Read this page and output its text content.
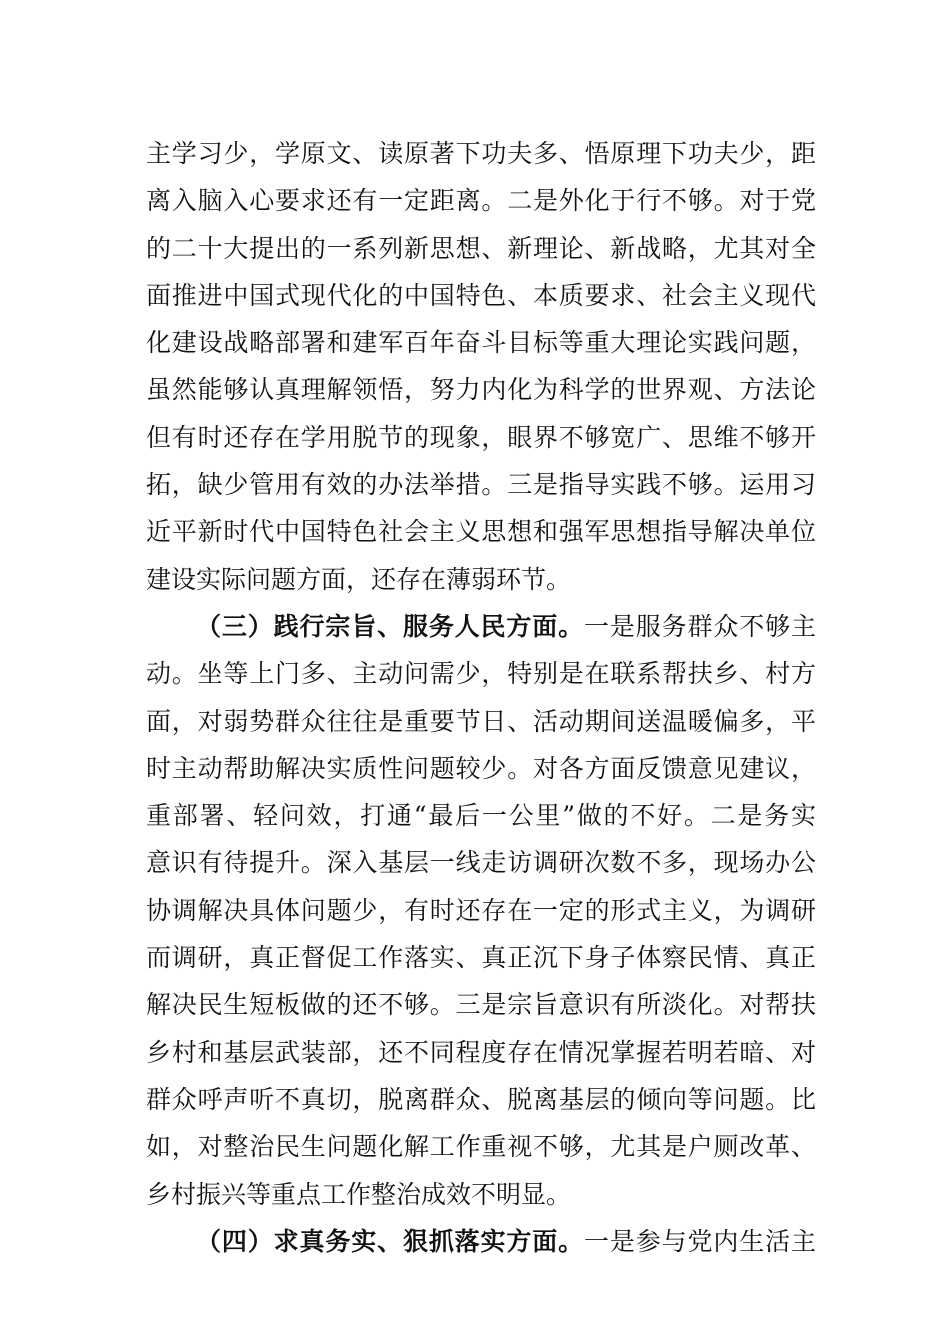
主学习少，学原文、读原著下功夫多、悟原理下功夫少，距
离入脑入心要求还有一定距离。二是外化于行不够。对于党
的二十大提出的一系列新思想、新理论、新战略，尤其对全
面推进中国式现代化的中国特色、本质要求、社会主义现代
化建设战略部署和建军百年奋斗目标等重大理论实践问题，
虽然能够认真理解领悟，努力内化为科学的世界观、方法论
但有时还存在学用脱节的现象，眼界不够宽广、思维不够开
拓，缺少管用有效的办法举措。三是指导实践不够。运用习
近平新时代中国特色社会主义思想和强军思想指导解决单位
建设实际问题方面，还存在薄弱环节。
（三）践行宗旨、服务人民方面。一是服务群众不够主
动。坐等上门多、主动问需少，特别是在联系帮扶乡、村方
面，对弱势群众往往是重要节日、活动期间送温暖偏多，平
时主动帮助解决实质性问题较少。对各方面反馈意见建议，
重部署、轻问效，打通“最后一公里”做的不好。二是务实
意识有待提升。深入基层一线走访调研次数不多，现场办公
协调解决具体问题少，有时还存在一定的形式主义，为调研
而调研，真正督促工作落实、真正沉下身子体察民情、真正
解决民生短板做的还不够。三是宗旨意识有所淡化。对帮扶
乡村和基层武装部，还不同程度存在情况掌握若明若暗、对
群众呼声听不真切，脱离群众、脱离基层的倾向等问题。比
如，对整治民生问题化解工作重视不够，尤其是户厕改革、
乡村振兴等重点工作整治成效不明显。
（四）求真务实、狠抓落实方面。一是参与党内生活主
